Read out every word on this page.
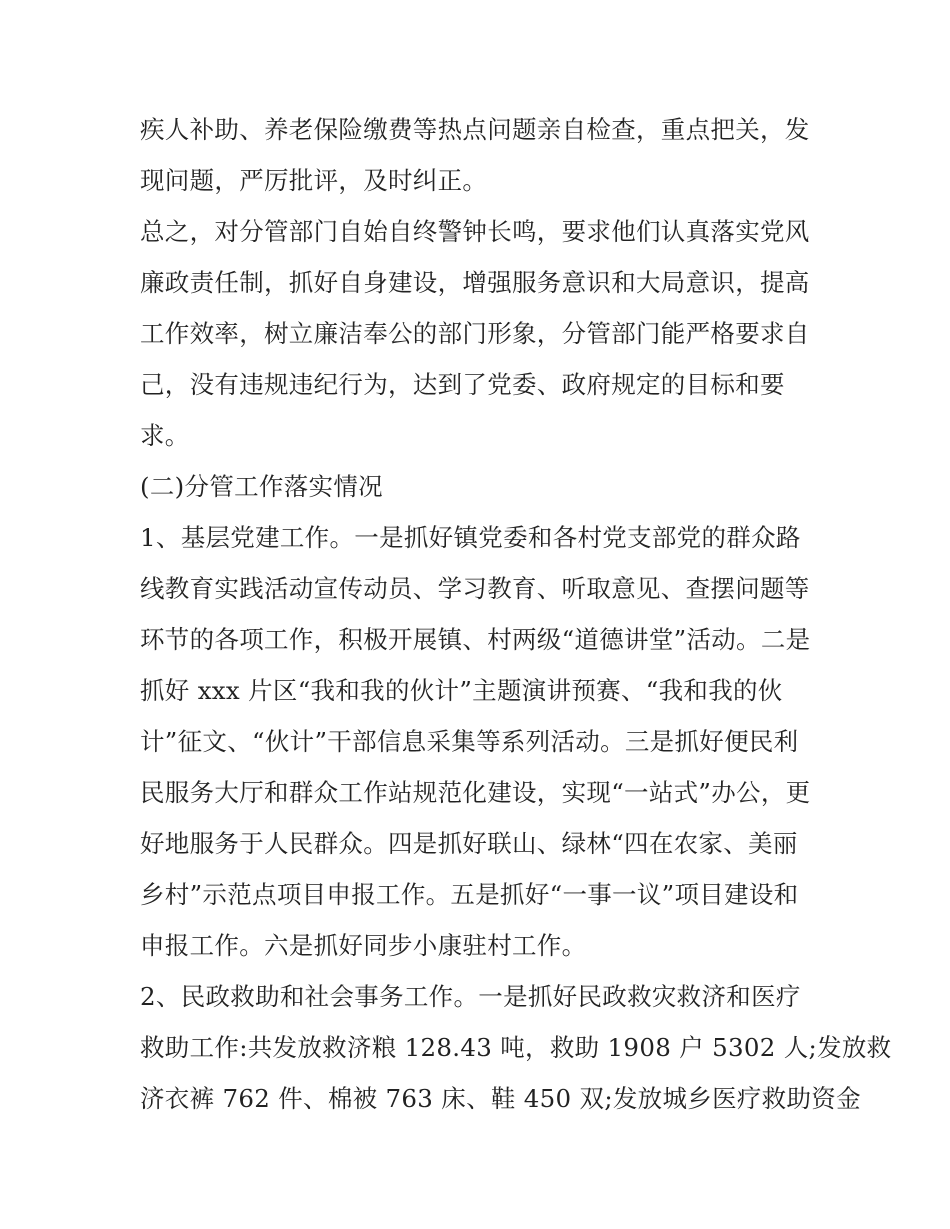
疾人补助、养老保险缴费等热点问题亲自检查，重点把关，发
现问题，严厉批评，及时纠正。
总之，对分管部门自始自终警钟长鸣，要求他们认真落实党风
廉政责任制，抓好自身建设，增强服务意识和大局意识，提高
工作效率，树立廉洁奉公的部门形象，分管部门能严格要求自
己，没有违规违纪行为，达到了党委、政府规定的目标和要
求。
(二)分管工作落实情况
1、基层党建工作。一是抓好镇党委和各村党支部党的群众路
线教育实践活动宣传动员、学习教育、听取意见、查摆问题等
环节的各项工作，积极开展镇、村两级“道德讲堂”活动。二是
抓好 xxx 片区“我和我的伙计”主题演讲预赛、“我和我的伙
计”征文、“伙计”干部信息采集等系列活动。三是抓好便民利
民服务大厅和群众工作站规范化建设，实现“一站式”办公，更
好地服务于人民群众。四是抓好联山、绿林“四在农家、美丽
乡村”示范点项目申报工作。五是抓好“一事一议”项目建设和
申报工作。六是抓好同步小康驻村工作。
2、民政救助和社会事务工作。一是抓好民政救灾救济和医疗
救助工作:共发放救济粮 128.43 吨，救助 1908 户 5302 人;发放救
济衣裤 762 件、棉被 763 床、鞋 450 双;发放城乡医疗救助资金
